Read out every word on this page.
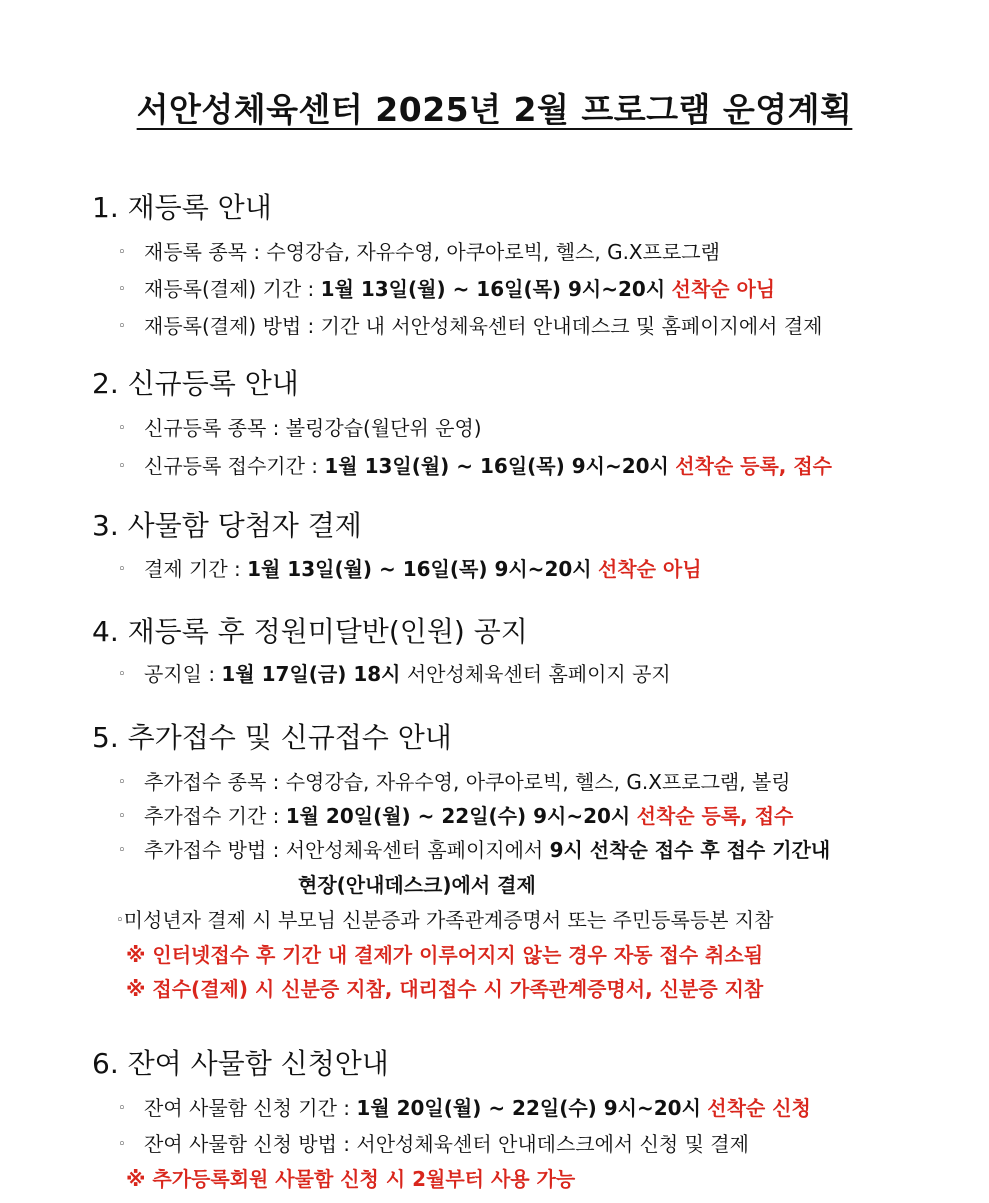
서안성체육센터 2025년 2월 프로그램 운영계획
1. 재등록 안내
◦ 재등록 종목 : 수영강습, 자유수영, 아쿠아로빅, 헬스, G.X프로그램
◦ 재등록(결제) 기간 : 1월 13일(월) ~ 16일(목) 9시~20시 선착순 아님
◦ 재등록(결제) 방법 : 기간 내 서안성체육센터 안내데스크 및 홈페이지에서 결제
2. 신규등록 안내
◦ 신규등록 종목 : 볼링강습(월단위 운영)
◦ 신규등록 접수기간 : 1월 13일(월) ~ 16일(목) 9시~20시 선착순 등록, 접수
3. 사물함 당첨자 결제
◦ 결제 기간 : 1월 13일(월) ~ 16일(목) 9시~20시 선착순 아님
4. 재등록 후 정원미달반(인원) 공지
◦ 공지일 : 1월 17일(금) 18시 서안성체육센터 홈페이지 공지
5. 추가접수 및 신규접수 안내
◦ 추가접수 종목 : 수영강습, 자유수영, 아쿠아로빅, 헬스, G.X프로그램, 볼링
◦ 추가접수 기간 : 1월 20일(월) ~ 22일(수) 9시~20시 선착순 등록, 접수
◦ 추가접수 방법 : 서안성체육센터 홈페이지에서 9시 선착순 접수 후 접수 기간내
현장(안내데스크)에서 결제
◦미성년자 결제 시 부모님 신분증과 가족관계증명서 또는 주민등록등본 지참
※ 인터넷접수 후 기간 내 결제가 이루어지지 않는 경우 자동 접수 취소됨
※ 접수(결제) 시 신분증 지참, 대리접수 시 가족관계증명서, 신분증 지참
6. 잔여 사물함 신청안내
◦ 잔여 사물함 신청 기간 : 1월 20일(월) ~ 22일(수) 9시~20시 선착순 신청
◦ 잔여 사물함 신청 방법 : 서안성체육센터 안내데스크에서 신청 및 결제
※ 추가등록회원 사물함 신청 시 2월부터 사용 가능
